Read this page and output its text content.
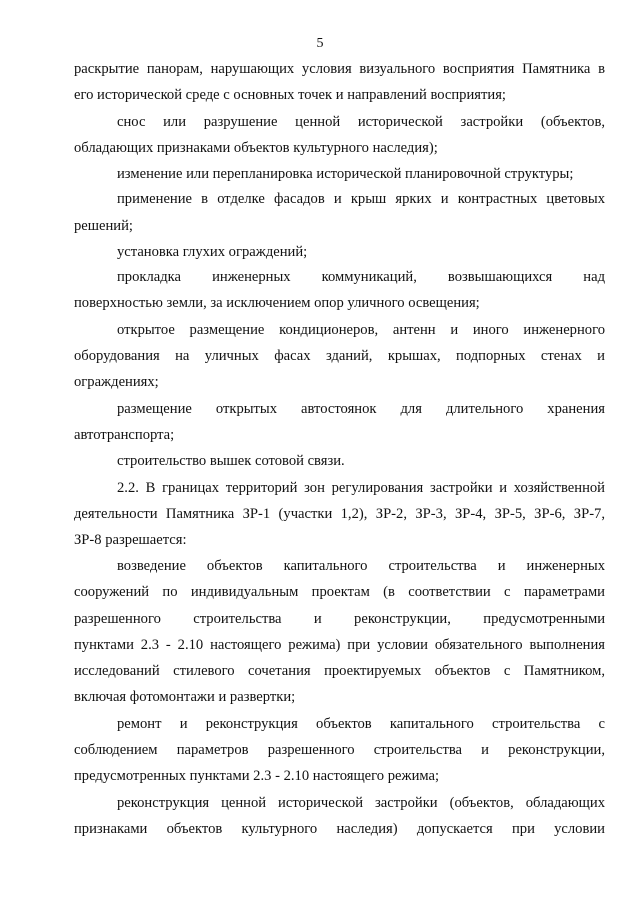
5
раскрытие панорам, нарушающих условия визуального восприятия Памятника в
его исторической среде с основных точек и направлений восприятия;
снос или разрушение ценной исторической застройки (объектов,
обладающих признаками объектов культурного наследия);
изменение или перепланировка исторической планировочной структуры;
применение в отделке фасадов и крыш ярких и контрастных цветовых
решений;
установка глухих ограждений;
прокладка инженерных коммуникаций, возвышающихся над
поверхностью земли, за исключением опор уличного освещения;
открытое размещение кондиционеров, антенн и иного инженерного
оборудования на уличных фасах зданий, крышах, подпорных стенах и
ограждениях;
размещение открытых автостоянок для длительного хранения
автотранспорта;
строительство вышек сотовой связи.
2.2. В границах территорий зон регулирования застройки и хозяйственной
деятельности Памятника ЗР-1 (участки 1,2), ЗР-2, ЗР-3, ЗР-4, ЗР-5, ЗР-6, ЗР-7,
ЗР-8 разрешается:
возведение объектов капитального строительства и инженерных
сооружений по индивидуальным проектам (в соответствии с параметрами
разрешенного строительства и реконструкции, предусмотренными
пунктами 2.3 - 2.10 настоящего режима) при условии обязательного выполнения
исследований стилевого сочетания проектируемых объектов с Памятником,
включая фотомонтажи и развертки;
ремонт и реконструкция объектов капитального строительства с
соблюдением параметров разрешенного строительства и реконструкции,
предусмотренных пунктами 2.3 - 2.10 настоящего режима;
реконструкция ценной исторической застройки (объектов, обладающих
признаками объектов культурного наследия) допускается при условии
